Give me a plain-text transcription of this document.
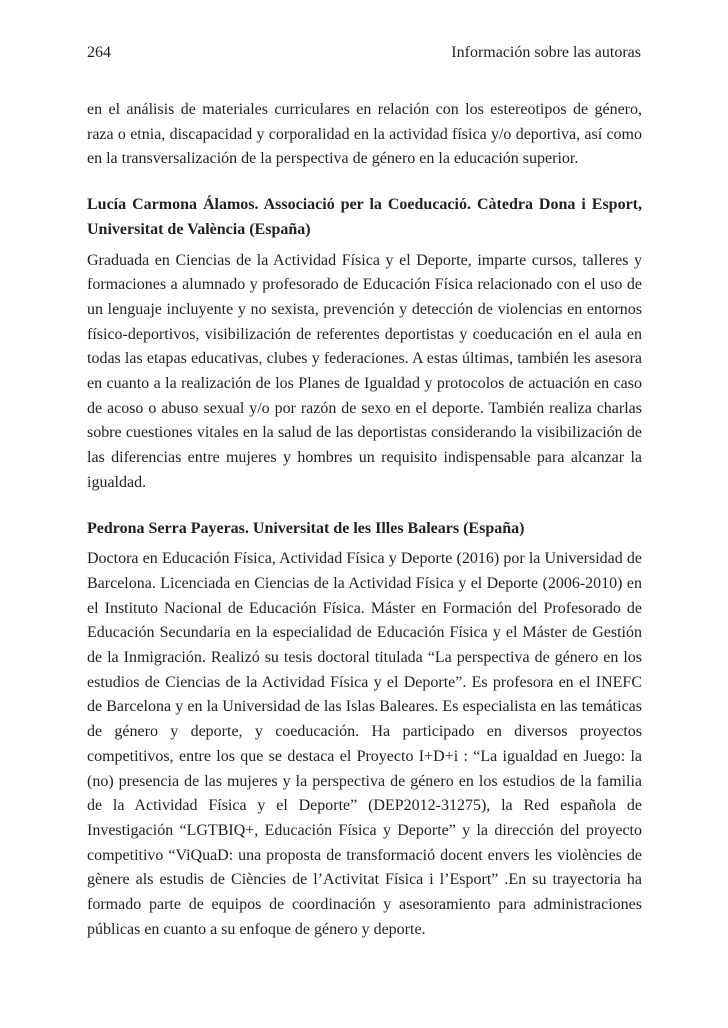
264	Información sobre las autoras

en el análisis de materiales curriculares en relación con los estereotipos de género, raza o etnia, discapacidad y corporalidad en la actividad física y/o deportiva, así como en la transversalización de la perspectiva de género en la educación superior.

Lucía Carmona Álamos. Associació per la Coeducació. Càtedra Dona i Esport, Universitat de València (España)

Graduada en Ciencias de la Actividad Física y el Deporte, imparte cursos, talleres y formaciones a alumnado y profesorado de Educación Física relacionado con el uso de un lenguaje incluyente y no sexista, prevención y detección de violencias en entornos físico-deportivos, visibilización de referentes deportistas y coeducación en el aula en todas las etapas educativas, clubes y federaciones. A estas últimas, también les asesora en cuanto a la realización de los Planes de Igualdad y protocolos de actuación en caso de acoso o abuso sexual y/o por razón de sexo en el deporte. También realiza charlas sobre cuestiones vitales en la salud de las deportistas considerando la visibilización de las diferencias entre mujeres y hombres un requisito indispensable para alcanzar la igualdad.

Pedrona Serra Payeras. Universitat de les Illes Balears (España)

Doctora en Educación Física, Actividad Física y Deporte (2016) por la Universidad de Barcelona. Licenciada en Ciencias de la Actividad Física y el Deporte (2006-2010) en el Instituto Nacional de Educación Física. Máster en Formación del Profesorado de Educación Secundaria en la especialidad de Educación Física y el Máster de Gestión de la Inmigración. Realizó su tesis doctoral titulada “La perspectiva de género en los estudios de Ciencias de la Actividad Física y el Deporte”. Es profesora en el INEFC de Barcelona y en la Universidad de las Islas Baleares. Es especialista en las temáticas de género y deporte, y coeducación. Ha participado en diversos proyectos competitivos, entre los que se destaca el Proyecto I+D+i : “La igualdad en Juego: la (no) presencia de las mujeres y la perspectiva de género en los estudios de la familia de la Actividad Física y el Deporte” (DEP2012-31275), la Red española de Investigación “LGTBIQ+, Educación Física y Deporte” y la dirección del proyecto competitivo “ViQuaD: una proposta de transformació docent envers les violències de gènere als estudis de Ciències de l’Activitat Física i l’Esport” .En su trayectoria ha formado parte de equipos de coordinación y asesoramiento para administraciones públicas en cuanto a su enfoque de género y deporte.
